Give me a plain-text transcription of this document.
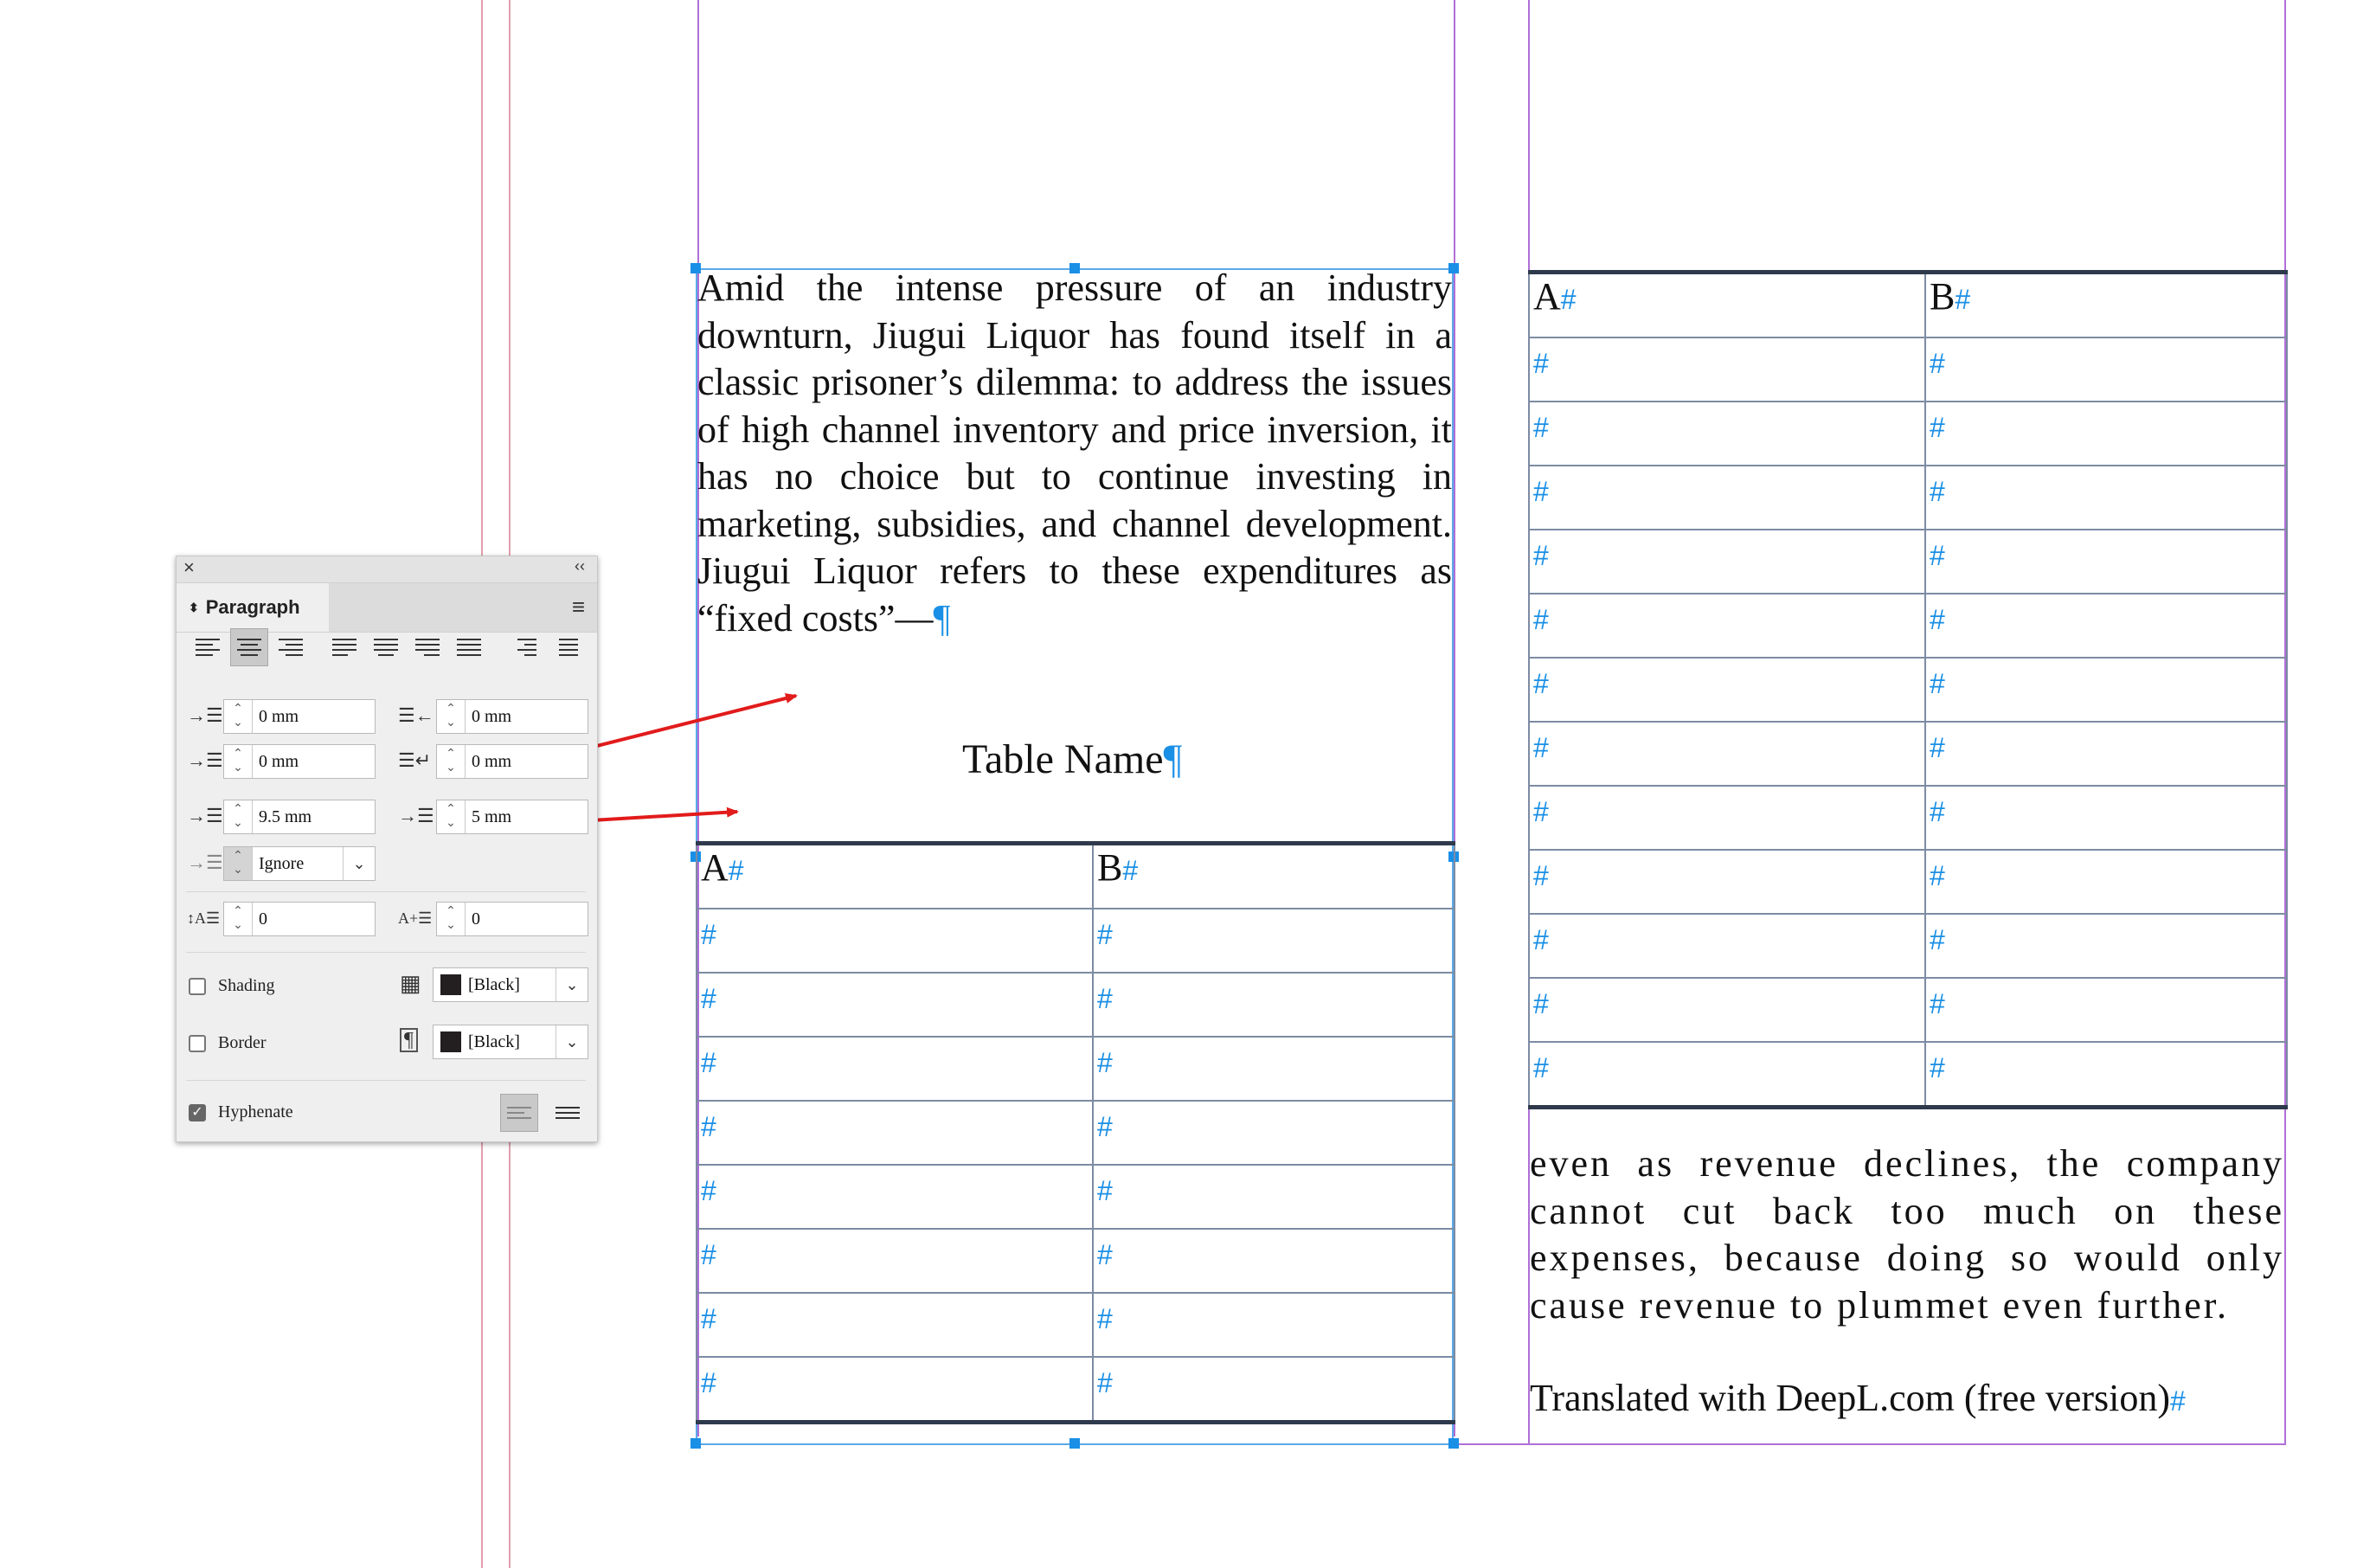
Amid the intense pressure of an industry downturn, Jiugui Liquor has found itself in a classic prisoner’s dilemma: to address the issues of high channel inventory and price inversion, it has no choice but to continue investing in marketing, subsidies, and channel development. Jiugui Liquor refers to these expenditures as “fixed costs”—¶

Table Name¶
A#	B#
#	#
#	#
#	#
#	#
#	#
#	#
#	#
#	#
A#	B#
#	#
#	#
#	#
#	#
#	#
#	#
#	#
#	#
#	#
#	#
#	#
#	#

even as revenue declines, the company cannot cut back too much on these expenses, because doing so would only cause revenue to plummet even further.

Translated with DeepL.com (free version)#
×	‹‹
⬍ Paragraph	≡
→☰ ⌃
⌄ 0 mm	☰← ⌃
⌄ 0 mm
→☰ ⌃
⌄ 0 mm	☰↵ ⌃
⌄ 0 mm
→☰ ⌃
⌄ 9.5 mm	→☰ ⌃
⌄ 5 mm
→☰ ⌃
⌄ Ignore	⌄
↕A☰ ⌃
⌄ 0	A+☰ ⌃
⌄ 0
Shading	▦	[Black]	⌄
Border	¶	[Black]	⌄
✓ Hyphenate
